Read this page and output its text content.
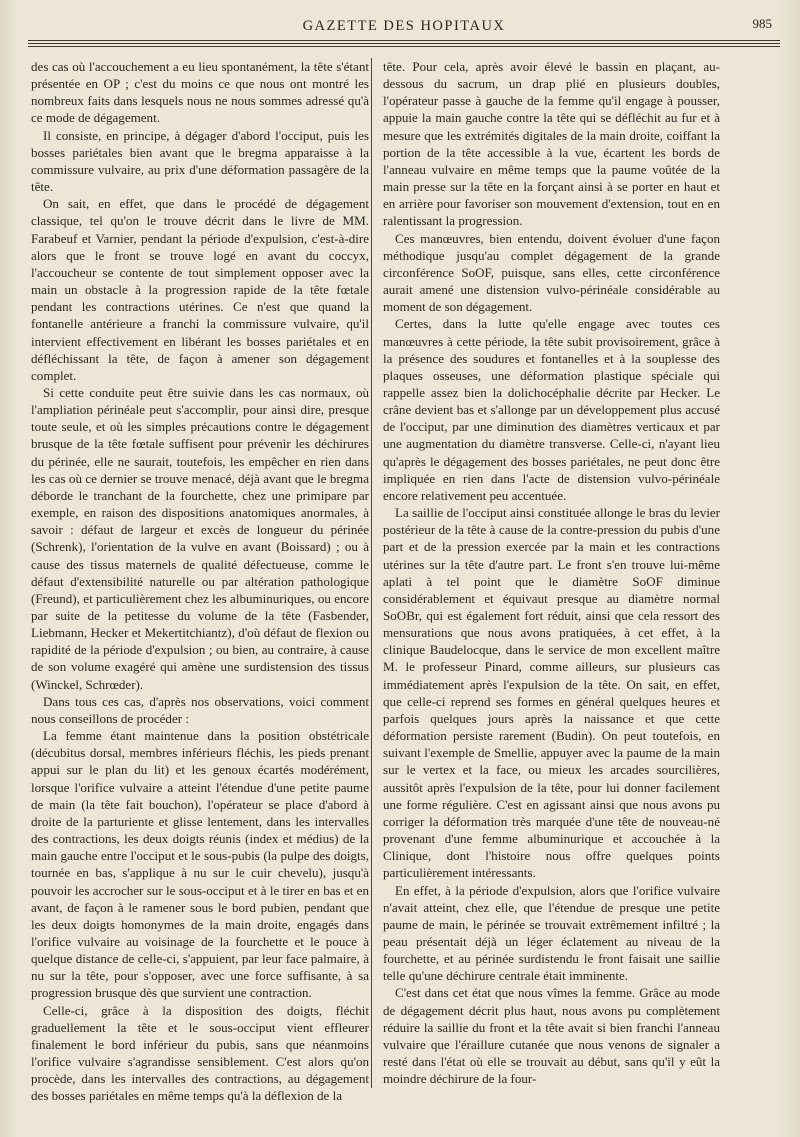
GAZETTE DES HOPITAUX	985

des cas où l'accouchement a eu lieu spontanément, la tête s'étant présentée en OP ; c'est du moins ce que nous ont montré les nombreux faits dans lesquels nous ne nous sommes adressé qu'à ce mode de dégagement.

Il consiste, en principe, à dégager d'abord l'occiput, puis les bosses pariétales bien avant que le bregma apparaisse à la commissure vulvaire, au prix d'une déformation passagère de la tête.

On sait, en effet, que dans le procédé de dégagement classique, tel qu'on le trouve décrit dans le livre de MM. Farabeuf et Varnier, pendant la période d'expulsion, c'est-à-dire alors que le front se trouve logé en avant du coccyx, l'accoucheur se contente de tout simplement opposer avec la main un obstacle à la progression rapide de la tête fœtale pendant les contractions utérines. Ce n'est que quand la fontanelle antérieure a franchi la commissure vulvaire, qu'il intervient effectivement en libérant les bosses pariétales et en défléchissant la tête, de façon à amener son dégagement complet.

Si cette conduite peut être suivie dans les cas normaux, où l'ampliation périnéale peut s'accomplir, pour ainsi dire, presque toute seule, et où les simples précautions contre le dégagement brusque de la tête fœtale suffisent pour prévenir les déchirures du périnée, elle ne saurait, toutefois, les empêcher en rien dans les cas où ce dernier se trouve menacé, déjà avant que le bregma déborde le tranchant de la fourchette, chez une primipare par exemple, en raison des dispositions anatomiques anormales, à savoir : défaut de largeur et excès de longueur du périnée (Schrenk), l'orientation de la vulve en avant (Boissard) ; ou à cause des tissus maternels de qualité défectueuse, comme le défaut d'extensibilité naturelle ou par altération pathologique (Freund), et particulièrement chez les albuminuriques, ou encore par suite de la petitesse du volume de la tête (Fasbender, Liebmann, Hecker et Mekertitchiantz), d'où défaut de flexion ou rapidité de la période d'expulsion ; ou bien, au contraire, à cause de son volume exagéré qui amène une surdistension des tissus (Winckel, Schrœder).

Dans tous ces cas, d'après nos observations, voici comment nous conseillons de procéder :

La femme étant maintenue dans la position obstétricale (décubitus dorsal, membres inférieurs fléchis, les pieds prenant appui sur le plan du lit) et les genoux écartés modérément, lorsque l'orifice vulvaire a atteint l'étendue d'une petite paume de main (la tête fait bouchon), l'opérateur se place d'abord à droite de la parturiente et glisse lentement, dans les intervalles des contractions, les deux doigts réunis (index et médius) de la main gauche entre l'occiput et le sous-pubis (la pulpe des doigts, tournée en bas, s'applique à nu sur le cuir chevelu), jusqu'à pouvoir les accrocher sur le sous-occiput et à le tirer en bas et en avant, de façon à le ramener sous le bord pubien, pendant que les deux doigts homonymes de la main droite, engagés dans l'orifice vulvaire au voisinage de la fourchette et le pouce à quelque distance de celle-ci, s'appuient, par leur face palmaire, à nu sur la tête, pour s'opposer, avec une force suffisante, à sa progression brusque dès que survient une contraction.

Celle-ci, grâce à la disposition des doigts, fléchit graduellement la tête et le sous-occiput vient effleurer finalement le bord inférieur du pubis, sans que néanmoins l'orifice vulvaire s'agrandisse sensiblement. C'est alors qu'on procède, dans les intervalles des contractions, au dégagement des bosses pariétales en même temps qu'à la déflexion de la

tête. Pour cela, après avoir élevé le bassin en plaçant, au-dessous du sacrum, un drap plié en plusieurs doubles, l'opérateur passe à gauche de la femme qu'il engage à pousser, appuie la main gauche contre la tête qui se défléchit au fur et à mesure que les extrémités digitales de la main droite, coiffant la portion de la tête accessible à la vue, écartent les bords de l'anneau vulvaire en même temps que la paume voûtée de la main presse sur la tête en la forçant ainsi à se porter en haut et en arrière pour favoriser son mouvement d'extension, tout en en ralentissant la progression.

Ces manœuvres, bien entendu, doivent évoluer d'une façon méthodique jusqu'au complet dégagement de la grande circonférence SoOF, puisque, sans elles, cette circonférence aurait amené une distension vulvo-périnéale considérable au moment de son dégagement.

Certes, dans la lutte qu'elle engage avec toutes ces manœuvres à cette période, la tête subit provisoirement, grâce à la présence des soudures et fontanelles et à la souplesse des plaques osseuses, une déformation plastique spéciale qui rappelle assez bien la dolichocéphalie décrite par Hecker. Le crâne devient bas et s'allonge par un développement plus accusé de l'occiput, par une diminution des diamètres verticaux et par une augmentation du diamètre transverse. Celle-ci, n'ayant lieu qu'après le dégagement des bosses pariétales, ne peut donc être impliquée en rien dans l'acte de distension vulvo-périnéale encore relativement peu accentuée.

La saillie de l'occiput ainsi constituée allonge le bras du levier postérieur de la tête à cause de la contre-pression du pubis d'une part et de la pression exercée par la main et les contractions utérines sur la tête d'autre part. Le front s'en trouve lui-même aplati à tel point que le diamètre SoOF diminue considérablement et équivaut presque au diamètre normal SoOBr, qui est également fort réduit, ainsi que cela ressort des mensurations que nous avons pratiquées, à cet effet, à la clinique Baudelocque, dans le service de mon excellent maître M. le professeur Pinard, comme ailleurs, sur plusieurs cas immédiatement après l'expulsion de la tête. On sait, en effet, que celle-ci reprend ses formes en général quelques heures et parfois quelques jours après la naissance et que cette déformation persiste rarement (Budin). On peut toutefois, en suivant l'exemple de Smellie, appuyer avec la paume de la main sur le vertex et la face, ou mieux les arcades sourcilières, aussitôt après l'expulsion de la tête, pour lui donner facilement une forme régulière. C'est en agissant ainsi que nous avons pu corriger la déformation très marquée d'une tête de nouveau-né provenant d'une femme albuminurique et accouchée à la Clinique, dont l'histoire nous offre quelques points particulièrement intéressants.

En effet, à la période d'expulsion, alors que l'orifice vulvaire n'avait atteint, chez elle, que l'étendue de presque une petite paume de main, le périnée se trouvait extrêmement infiltré ; la peau présentait déjà un léger éclatement au niveau de la fourchette, et au périnée surdistendu le front faisait une saillie telle qu'une déchirure centrale était imminente.

C'est dans cet état que nous vîmes la femme. Grâce au mode de dégagement décrit plus haut, nous avons pu complètement réduire la saillie du front et la tête avait si bien franchi l'anneau vulvaire que l'éraillure cutanée que nous venons de signaler a resté dans l'état où elle se trouvait au début, sans qu'il y eût la moindre déchirure de la four-
